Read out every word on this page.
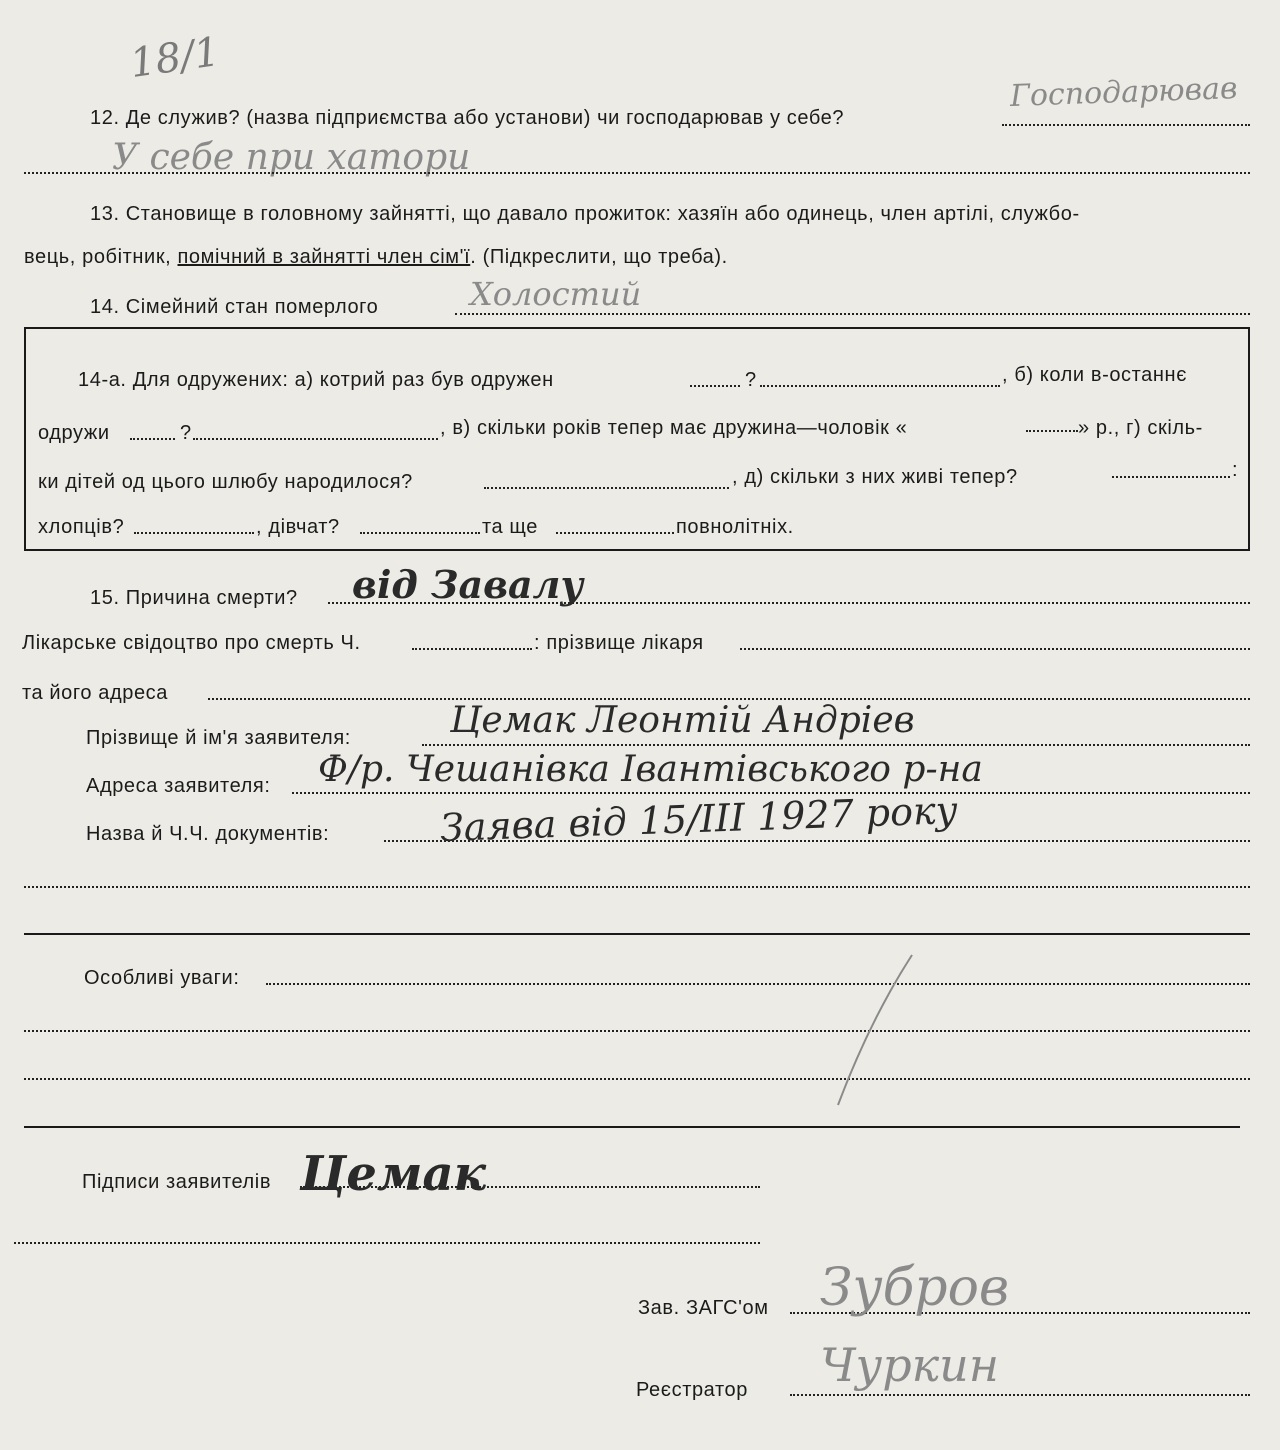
18/1
12. Де служив? (назва підприємства або установи) чи господарював у себе?
Господарював
У себе при хатори
13. Становище в головному зайнятті, що давало прожиток: хазяїн або одинець, член артілі, службо-
вець, робітник, помічний в зайнятті член сім'ї. (Підкреслити, що треба).
14. Сімейний стан померлого	Холостий
14-а. Для одружених: а) котрий раз був одружен	?	, б) коли в-останнє
одружи	?	, в) скільки років тепер має дружина—чоловік «	» р., г) скіль-
ки дітей од цього шлюбу народилося?	, д) скільки з них живі тепер?	:
хлопців?	, дівчат?	та ще	повнолітніх.
15. Причина смерти? від Завалу
Лікарське свідоцтво про смерть Ч.	: прізвище лікаря
та його адреса
Прізвище й ім'я заявителя:	Цемак Леонтій Андріев
Адреса заявителя: Ф/р. Чешанівка Івантівського р-на
Назва й Ч.Ч. документів:	Заява від 15/III 1927 року
Особливі уваги:
Підписи заявителів Цемак
Зав. ЗАГС'ом Зубров
Реєстратор Чуркин
